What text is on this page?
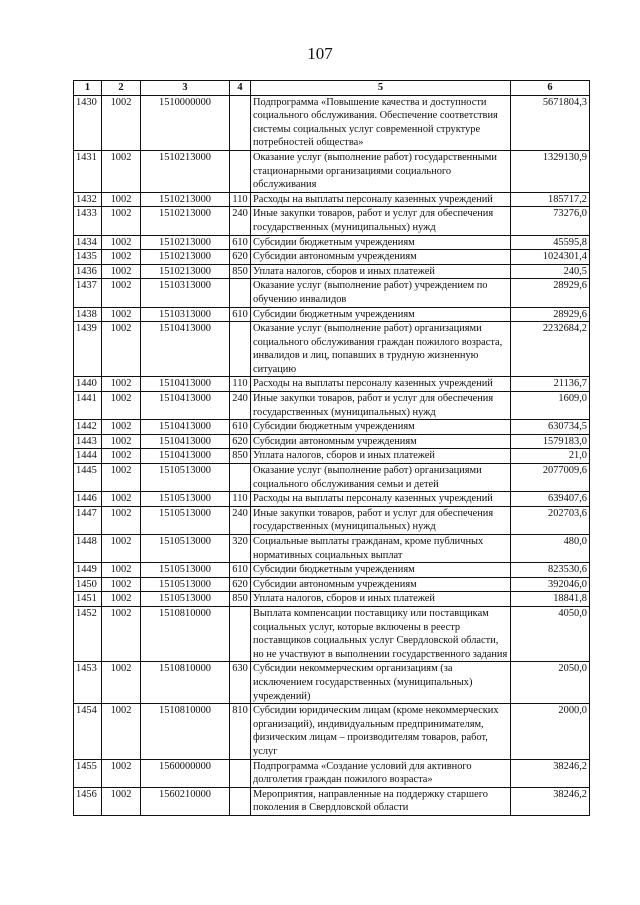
107
1	2	3	4	5	6
1430	1002	1510000000		Подпрограмма «Повышение качества и доступности социального обслуживания. Обеспечение соответствия системы социальных услуг современной структуре потребностей общества»	5671804,3
1431	1002	1510213000		Оказание услуг (выполнение работ) государственными стационарными организациями социального обслуживания	1329130,9
1432	1002	1510213000	110	Расходы на выплаты персоналу казенных учреждений	185717,2
1433	1002	1510213000	240	Иные закупки товаров, работ и услуг для обеспечения государственных (муниципальных) нужд	73276,0
1434	1002	1510213000	610	Субсидии бюджетным учреждениям	45595,8
1435	1002	1510213000	620	Субсидии автономным учреждениям	1024301,4
1436	1002	1510213000	850	Уплата налогов, сборов и иных платежей	240,5
1437	1002	1510313000		Оказание услуг (выполнение работ) учреждением по обучению инвалидов	28929,6
1438	1002	1510313000	610	Субсидии бюджетным учреждениям	28929,6
1439	1002	1510413000		Оказание услуг (выполнение работ) организациями социального обслуживания граждан пожилого возраста, инвалидов и лиц, попавших в трудную жизненную ситуацию	2232684,2
1440	1002	1510413000	110	Расходы на выплаты персоналу казенных учреждений	21136,7
1441	1002	1510413000	240	Иные закупки товаров, работ и услуг для обеспечения государственных (муниципальных) нужд	1609,0
1442	1002	1510413000	610	Субсидии бюджетным учреждениям	630734,5
1443	1002	1510413000	620	Субсидии автономным учреждениям	1579183,0
1444	1002	1510413000	850	Уплата налогов, сборов и иных платежей	21,0
1445	1002	1510513000		Оказание услуг (выполнение работ) организациями социального обслуживания семьи и детей	2077009,6
1446	1002	1510513000	110	Расходы на выплаты персоналу казенных учреждений	639407,6
1447	1002	1510513000	240	Иные закупки товаров, работ и услуг для обеспечения государственных (муниципальных) нужд	202703,6
1448	1002	1510513000	320	Социальные выплаты гражданам, кроме публичных нормативных социальных выплат	480,0
1449	1002	1510513000	610	Субсидии бюджетным учреждениям	823530,6
1450	1002	1510513000	620	Субсидии автономным учреждениям	392046,0
1451	1002	1510513000	850	Уплата налогов, сборов и иных платежей	18841,8
1452	1002	1510810000		Выплата компенсации поставщику или поставщикам социальных услуг, которые включены в реестр поставщиков социальных услуг Свердловской области, но не участвуют в выполнении государственного задания	4050,0
1453	1002	1510810000	630	Субсидии некоммерческим организациям (за исключением государственных (муниципальных) учреждений)	2050,0
1454	1002	1510810000	810	Субсидии юридическим лицам (кроме некоммерческих организаций), индивидуальным предпринимателям, физическим лицам – производителям товаров, работ, услуг	2000,0
1455	1002	1560000000		Подпрограмма «Создание условий для активного долголетия граждан пожилого возраста»	38246,2
1456	1002	1560210000		Мероприятия, направленные на поддержку старшего поколения в Свердловской области	38246,2
